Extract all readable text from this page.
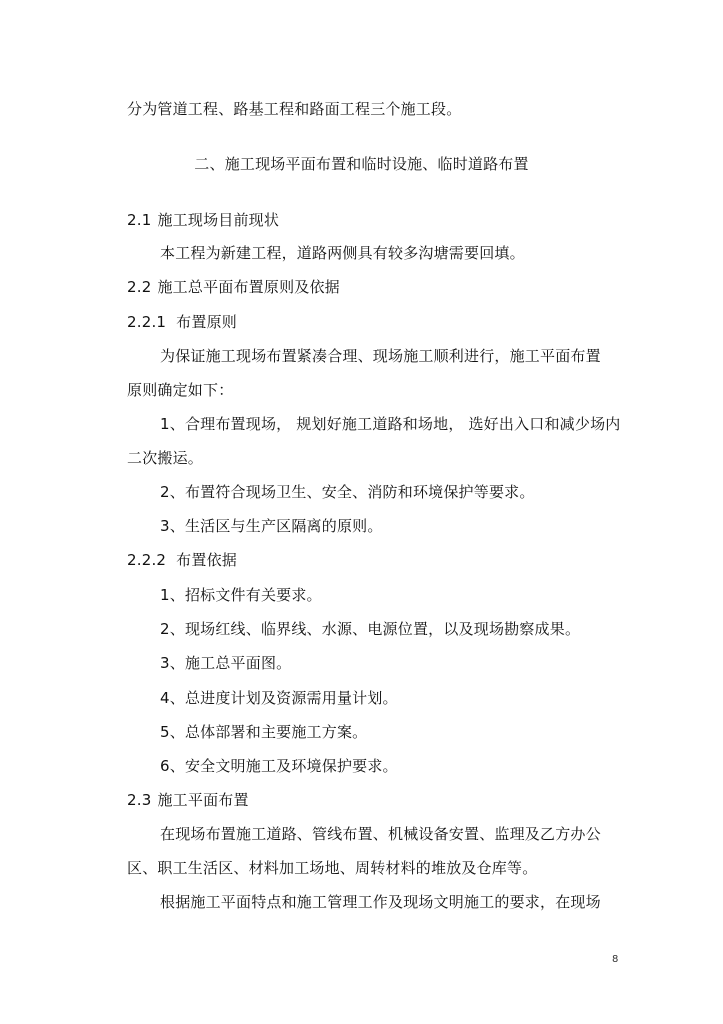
分为管道工程、路基工程和路面工程三个施工段。
二、施工现场平面布置和临时设施、临时道路布置
2.1 施工现场目前现状
本工程为新建工程，道路两侧具有较多沟塘需要回填。
2.2 施工总平面布置原则及依据
2.2.1 布置原则
为保证施工现场布置紧凑合理、现场施工顺利进行，施工平面布置
原则确定如下：
1、合理布置现场， 规划好施工道路和场地， 选好出入口和减少场内
二次搬运。
2、布置符合现场卫生、安全、消防和环境保护等要求。
3、生活区与生产区隔离的原则。
2.2.2 布置依据
1、招标文件有关要求。
2、现场红线、临界线、水源、电源位置，以及现场勘察成果。
3、施工总平面图。
4、总进度计划及资源需用量计划。
5、总体部署和主要施工方案。
6、安全文明施工及环境保护要求。
2.3 施工平面布置
在现场布置施工道路、管线布置、机械设备安置、监理及乙方办公
区、职工生活区、材料加工场地、周转材料的堆放及仓库等。
根据施工平面特点和施工管理工作及现场文明施工的要求，在现场
8
